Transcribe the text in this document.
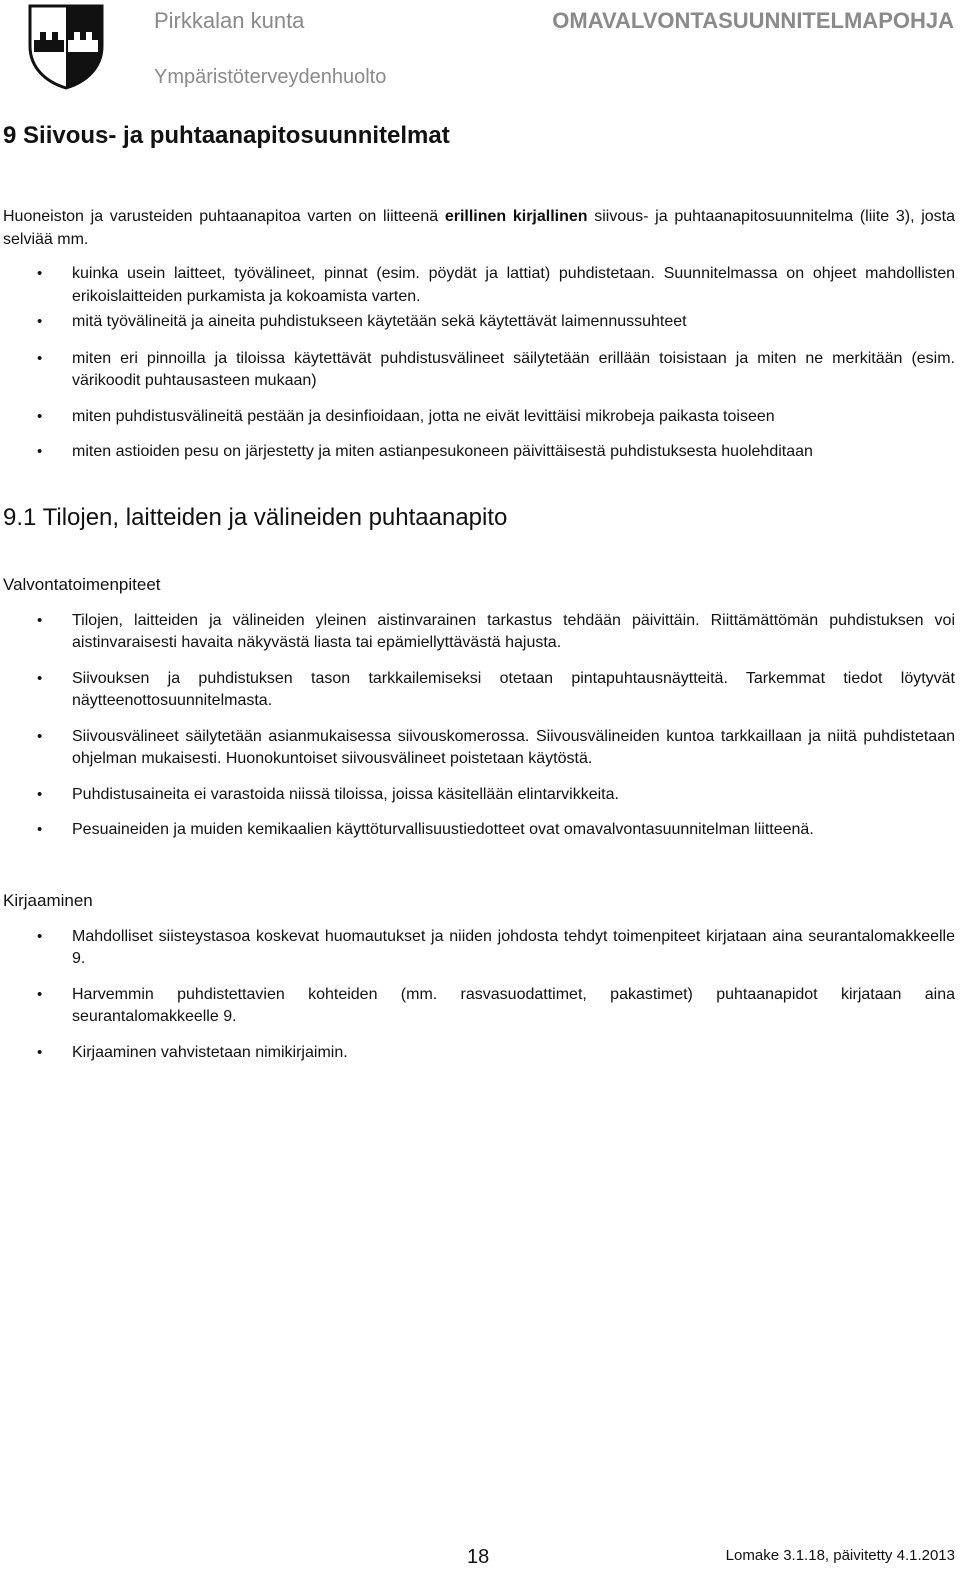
Pirkkalan kunta	OMAVALVONTASUUNNITELMAPOHJA

Ympäristöterveydenhuolto

9 Siivous- ja puhtaanapitosuunnitelmat

Huoneiston ja varusteiden puhtaanapitoa varten on liitteenä erillinen kirjallinen siivous- ja puhtaanapitosuunnitelma (liite 3), josta selviää mm.

• kuinka usein laitteet, työvälineet, pinnat (esim. pöydät ja lattiat) puhdistetaan. Suunnitelmassa on ohjeet mahdollisten erikoislaitteiden purkamista ja kokoamista varten.
• mitä työvälineitä ja aineita puhdistukseen käytetään sekä käytettävät laimennussuhteet
• miten eri pinnoilla ja tiloissa käytettävät puhdistusvälineet säilytetään erillään toisistaan ja miten ne merkitään (esim. värikoodit puhtausasteen mukaan)
• miten puhdistusvälineitä pestään ja desinfioidaan, jotta ne eivät levittäisi mikrobeja paikasta toiseen
• miten astioiden pesu on järjestetty ja miten astianpesukoneen päivittäisestä puhdistuksesta huolehditaan
9.1 Tilojen, laitteiden ja välineiden puhtaanapito
Valvontatoimenpiteet
• Tilojen, laitteiden ja välineiden yleinen aistinvarainen tarkastus tehdään päivittäin. Riittämättömän puhdistuksen voi aistinvaraisesti havaita näkyvästä liasta tai epämiellyttävästä hajusta.
• Siivouksen ja puhdistuksen tason tarkkailemiseksi otetaan pintapuhtausnäytteitä. Tarkemmat tiedot löytyvät näytteenottosuunnitelmasta.
• Siivousvälineet säilytetään asianmukaisessa siivouskomerossa. Siivousvälineiden kuntoa tarkkaillaan ja niitä puhdistetaan ohjelman mukaisesti. Huonokuntoiset siivousvälineet poistetaan käytöstä.
• Puhdistusaineita ei varastoida niissä tiloissa, joissa käsitellään elintarvikkeita.
• Pesuaineiden ja muiden kemikaalien käyttöturvallisuustiedotteet ovat omavalvontasuunnitelman liitteenä.
Kirjaaminen
• Mahdolliset siisteystasoa koskevat huomautukset ja niiden johdosta tehdyt toimenpiteet kirjataan aina seurantalomakkeelle 9.
• Harvemmin puhdistettavien kohteiden (mm. rasvasuodattimet, pakastimet) puhtaanapidot kirjataan aina seurantalomakkeelle 9.
• Kirjaaminen vahvistetaan nimikirjaimin.

18	Lomake 3.1.18, päivitetty 4.1.2013
